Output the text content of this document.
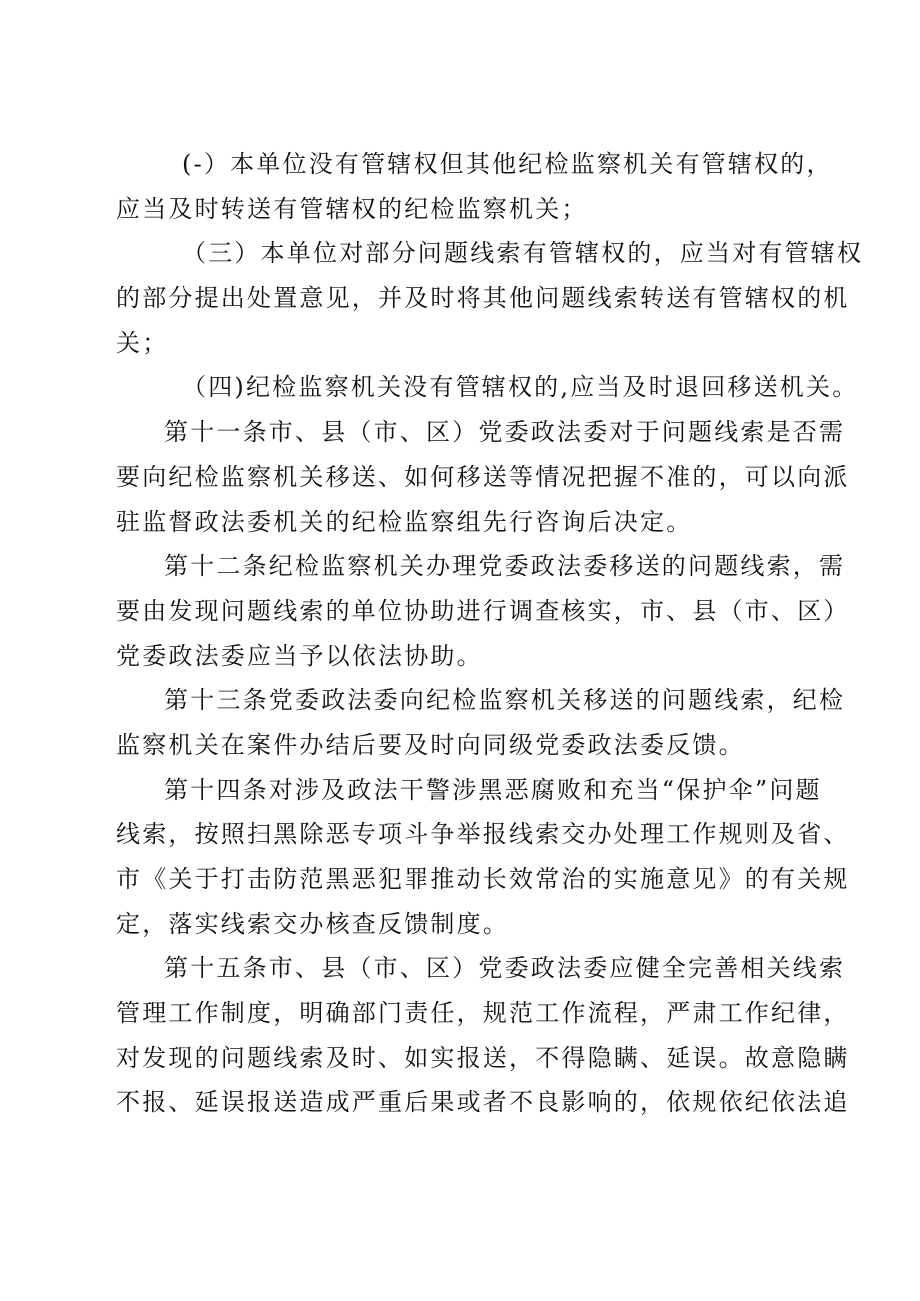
(-）本单位没有管辖权但其他纪检监察机关有管辖权的，
应当及时转送有管辖权的纪检监察机关；
（三）本单位对部分问题线索有管辖权的，应当对有管辖权
的部分提出处置意见，并及时将其他问题线索转送有管辖权的机
关；
（四)纪检监察机关没有管辖权的,应当及时退回移送机关。
第十一条市、县（市、区）党委政法委对于问题线索是否需
要向纪检监察机关移送、如何移送等情况把握不准的，可以向派
驻监督政法委机关的纪检监察组先行咨询后决定。
第十二条纪检监察机关办理党委政法委移送的问题线索，需
要由发现问题线索的单位协助进行调查核实，市、县（市、区）
党委政法委应当予以依法协助。
第十三条党委政法委向纪检监察机关移送的问题线索，纪检
监察机关在案件办结后要及时向同级党委政法委反馈。
第十四条对涉及政法干警涉黑恶腐败和充当“保护伞”问题
线索，按照扫黑除恶专项斗争举报线索交办处理工作规则及省、
市《关于打击防范黑恶犯罪推动长效常治的实施意见》的有关规
定，落实线索交办核查反馈制度。
第十五条市、县（市、区）党委政法委应健全完善相关线索
管理工作制度，明确部门责任，规范工作流程，严肃工作纪律，
对发现的问题线索及时、如实报送，不得隐瞒、延误。故意隐瞒
不报、延误报送造成严重后果或者不良影响的，依规依纪依法追
